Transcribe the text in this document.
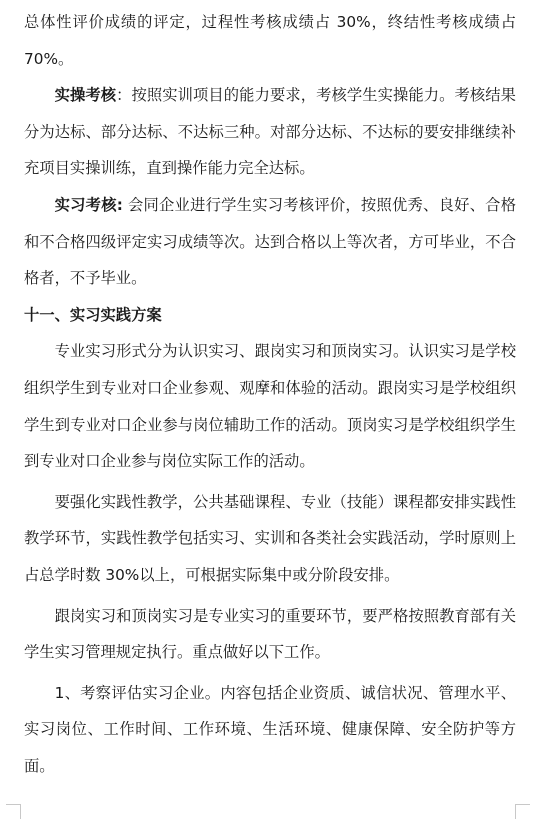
总体性评价成绩的评定，过程性考核成绩占 30%，终结性考核成绩占 70%。

实操考核：按照实训项目的能力要求，考核学生实操能力。考核结果分为达标、部分达标、不达标三种。对部分达标、不达标的要安排继续补充项目实操训练，直到操作能力完全达标。

实习考核: 会同企业进行学生实习考核评价，按照优秀、良好、合格和不合格四级评定实习成绩等次。达到合格以上等次者，方可毕业，不合格者，不予毕业。

十一、实习实践方案

专业实习形式分为认识实习、跟岗实习和顶岗实习。认识实习是学校组织学生到专业对口企业参观、观摩和体验的活动。跟岗实习是学校组织学生到专业对口企业参与岗位辅助工作的活动。顶岗实习是学校组织学生到专业对口企业参与岗位实际工作的活动。

要强化实践性教学，公共基础课程、专业（技能）课程都安排实践性教学环节，实践性教学包括实习、实训和各类社会实践活动，学时原则上占总学时数 30%以上，可根据实际集中或分阶段安排。

跟岗实习和顶岗实习是专业实习的重要环节，要严格按照教育部有关学生实习管理规定执行。重点做好以下工作。

1、考察评估实习企业。内容包括企业资质、诚信状况、管理水平、实习岗位、工作时间、工作环境、生活环境、健康保障、安全防护等方面。
